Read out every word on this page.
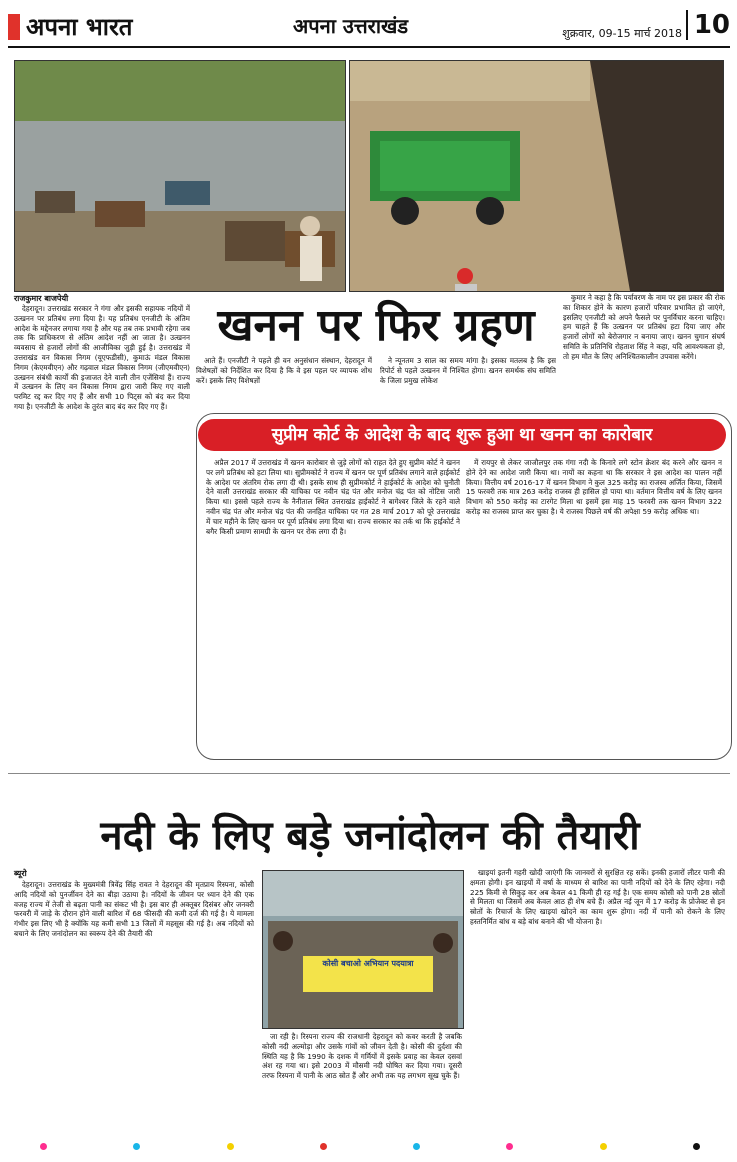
अपना भारत	अपना उत्तराखंड	शुक्रवार, 09-15 मार्च 2018 10
राजकुमार बाजपेयी
खनन पर फिर ग्रहण

देहरादून। उत्तराखंड सरकार ने गंगा और इसकी सहायक नदियों में उत्खनन पर प्रतिबंध लगा दिया है। यह प्रतिबंध एनजीटी के अंतिम आदेश के मद्देनजर लगाया गया है और यह तब तक प्रभावी रहेगा जब तक कि प्राधिकरण से अंतिम आदेश नहीं आ जाता है। उत्खनन व्यवसाय से हजारों लोगों की आजीविका जुड़ी हुई है। उत्तराखंड में उत्तराखंड वन विकास निगम (यूएफडीसी), कुमाऊं मंडल विकास निगम (केएमवीएन) और गढ़वाल मंडल विकास निगम (जीएमवीएन) उत्खनन संबंधी कार्यों की इजाजत देने वाली तीन एजेंसियां हैं। राज्य में उत्खनन के लिए वन विकास निगम द्वारा जारी किए गए वाली परमिट रद्द कर दिए गए हैं और सभी 10 पिट्स को बंद कर दिया गया है। एनजीटी के आदेश के तुरंत बाद बंद कर दिए गए हैं।

आते हैं। एनजीटी ने पहले ही वन अनुसंधान संस्थान, देहरादून में विशेषज्ञों को निर्देशित कर दिया है कि वे इस पहल पर व्यापक शोध करें। इसके लिए विशेषज्ञों

ने न्यूनतम 3 साल का समय मांगा है। इसका मतलब है कि इस रिपोर्ट से पहले उत्खनन में निश्चित होगा। खनन समर्थक संघ समिति के जिला प्रमुख लोकेश

कुमार ने कहा है कि पर्यावरण के नाम पर इस प्रकार की रोक का शिकार होने के कारण हजारों परिवार प्रभावित हो जाएंगे, इसलिए एनजीटी को अपने फैसले पर पुनर्विचार करना चाहिए। हम चाहते हैं कि उत्खनन पर प्रतिबंध हटा दिया जाए और हजारों लोगों को बेरोजगार न बनाया जाए। खनन चुगान संघर्ष समिति के प्रतिनिधि रोहताश सिंह ने कहा, यदि आवश्यकता हो, तो हम मौत के लिए अनिश्चितकालीन उपवास करेंगे।

सुप्रीम कोर्ट के आदेश के बाद शुरू हुआ था खनन का कारोबार

अप्रैल 2017 में उत्तराखंड में खनन कारोबार से जुड़े लोगों को राहत देते हुए सुप्रीम कोर्ट ने खनन पर लगे प्रतिबंध को हटा लिया था। सुप्रीमकोर्ट ने राज्य में खनन पर पूर्ण प्रतिबंध लगाने वाले हाईकोर्ट के आदेश पर अंतरिम रोक लगा दी थी। इसके साथ ही सुप्रीमकोर्ट ने हाईकोर्ट के आदेश को चुनौती देने वाली उत्तराखंड सरकार की याचिका पर नवीन चंद्र पंत और मनोज चंद्र पंत को नोटिस जारी किया था। इससे पहले राज्य के नैनीताल स्थित उत्तराखंड हाईकोर्ट ने बागेश्वर जिले के रहने वाले नवीन चंद्र पंत और मनोज चंद्र पंत की जनहित याचिका पर गत 28 मार्च 2017 को पूरे उत्तराखंड में चार महीने के लिए खनन पर पूर्ण प्रतिबंध लगा दिया था। राज्य सरकार का तर्क था कि हाईकोर्ट ने बगैर किसी प्रमाण सामग्री के खनन पर रोक लगा दी है।

में रायपुर से लेकर जाजौलपुर तक गंगा नदी के किनारे लगे स्टोन क्रेशर बंद करने और खनन न होने देने का आदेश जारी किया था। नायों का कहना था कि सरकार ने इस आदेश का पालन नहीं किया। वित्तीय वर्ष 2016-17 में खनन विभाग ने कुल 325 करोड़ का राजस्व अर्जित किया, जिसमें 15 फरवरी तक मात्र 263 करोड़ राजस्व ही हासिल हो पाया था। वर्तमान वित्तीय वर्ष के लिए खनन विभाग को 550 करोड़ का टारगेट मिला था इसमें इस माह 15 फरवरी तक खनन विभाग 322 करोड़ का राजस्व प्राप्त कर चुका है। ये राजस्व पिछले वर्ष की अपेक्षा 59 करोड़ अधिक था।

नदी के लिए बड़े जनांदोलन की तैयारी
ब्यूरो

देहरादून। उत्तराखंड के मुख्यमंत्री त्रिवेंद्र सिंह रावत ने देहरादून की मृतप्राय रिस्पना, कोसी आदि नदियों को पुनर्जीवन देने का बीड़ा उठाया है। नदियों के जीवन पर ध्यान देने की एक वजह राज्य में तेजी से बढ़ता पानी का संकट भी है। इस बार ही अक्तूबर दिसंबर और जनवरी फरवरी में जाड़े के दौरान होने वाली बारिश में 68 फीसदी की कमी दर्ज की गई है। ये मामला गंभीर इस लिए भी है क्योंकि यह कमी सभी 13 जिलों में महसूस की गई है। अब नदियों को बचाने के लिए जनांदोलन का स्वरूप देने की तैयारी की

कोसी बचाओ अभियान पदयात्रा

जा रही है। रिस्पना राज्य की राजधानी देहरादून को कवर करती है जबकि कोसी नदी अल्मोड़ा और उसके गांवों को जीवन देती है। कोसी की दुर्दशा की स्थिति यह है कि 1990 के दशक में गर्मियों में इसके प्रवाह का केवल दसवां अंश रह गया था। इसे 2003 में मौसमी नदी घोषित कर दिया गया। दूसरी तरफ रिस्पना में पानी के आठ स्रोत हैं और अभी तक यह लगभग सूख चुके हैं।

खाइयां इतनी गहरी खोदी जाएंगी कि जानवरों से सुरक्षित रह सकें। इनकी हजारों लीटर पानी की क्षमता होगी। इन खाइयों में वर्षा के माध्यम से बारिश का पानी नदियों को देने के लिए रहेगा। नदी 225 किमी से सिकुड़ कर अब केवल 41 किमी ही रह गई है। एक समय कोसी को पानी 28 स्रोतों से मिलता था जिसमें अब केवल आठ ही शेष बचे हैं। अप्रैल नई जून में 17 करोड़ के प्रोजेक्ट से इन स्रोतों के रिचार्ज के लिए खाइयां खोदने का काम शुरू होगा। नदी में पानी को रोकने के लिए हस्तनिर्मित बांध व बड़े बांध बनाने की भी योजना है।
